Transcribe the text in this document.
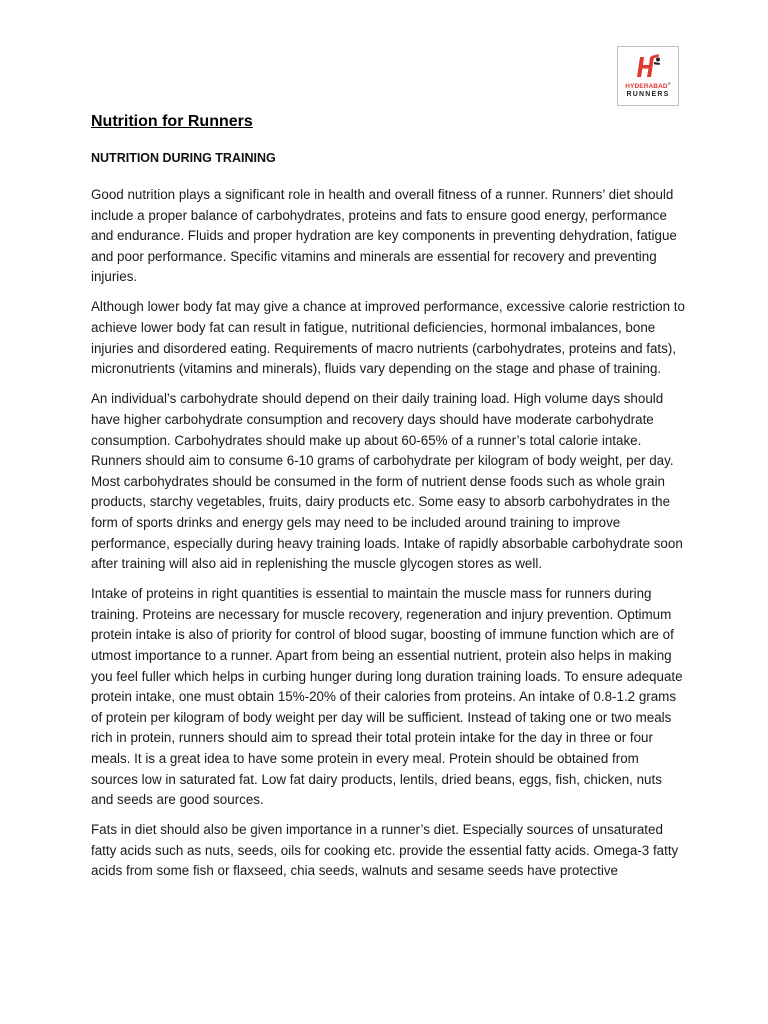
HYDERABAD®
RUNNERS
Nutrition for Runners
NUTRITION DURING TRAINING

Good nutrition plays a significant role in health and overall fitness of a runner. Runners’ diet should include a proper balance of carbohydrates, proteins and fats to ensure good energy, performance and endurance. Fluids and proper hydration are key components in preventing dehydration, fatigue and poor performance. Specific vitamins and minerals are essential for recovery and preventing injuries.

Although lower body fat may give a chance at improved performance, excessive calorie restriction to achieve lower body fat can result in fatigue, nutritional deficiencies, hormonal imbalances, bone injuries and disordered eating. Requirements of macro nutrients (carbohydrates, proteins and fats), micronutrients (vitamins and minerals), fluids vary depending on the stage and phase of training.

An individual’s carbohydrate should depend on their daily training load. High volume days should have higher carbohydrate consumption and recovery days should have moderate carbohydrate consumption. Carbohydrates should make up about 60-65% of a runner’s total calorie intake. Runners should aim to consume 6-10 grams of carbohydrate per kilogram of body weight, per day. Most carbohydrates should be consumed in the form of nutrient dense foods such as whole grain products, starchy vegetables, fruits, dairy products etc. Some easy to absorb carbohydrates in the form of sports drinks and energy gels may need to be included around training to improve performance, especially during heavy training loads. Intake of rapidly absorbable carbohydrate soon after training will also aid in replenishing the muscle glycogen stores as well.

Intake of proteins in right quantities is essential to maintain the muscle mass for runners during training. Proteins are necessary for muscle recovery, regeneration and injury prevention. Optimum protein intake is also of priority for control of blood sugar, boosting of immune function which are of utmost importance to a runner. Apart from being an essential nutrient, protein also helps in making you feel fuller which helps in curbing hunger during long duration training loads. To ensure adequate protein intake, one must obtain 15%-20% of their calories from proteins. An intake of 0.8-1.2 grams of protein per kilogram of body weight per day will be sufficient. Instead of taking one or two meals rich in protein, runners should aim to spread their total protein intake for the day in three or four meals. It is a great idea to have some protein in every meal. Protein should be obtained from sources low in saturated fat. Low fat dairy products, lentils, dried beans, eggs, fish, chicken, nuts and seeds are good sources.

Fats in diet should also be given importance in a runner’s diet. Especially sources of unsaturated fatty acids such as nuts, seeds, oils for cooking etc. provide the essential fatty acids. Omega-3 fatty acids from some fish or flaxseed, chia seeds, walnuts and sesame seeds have protective
